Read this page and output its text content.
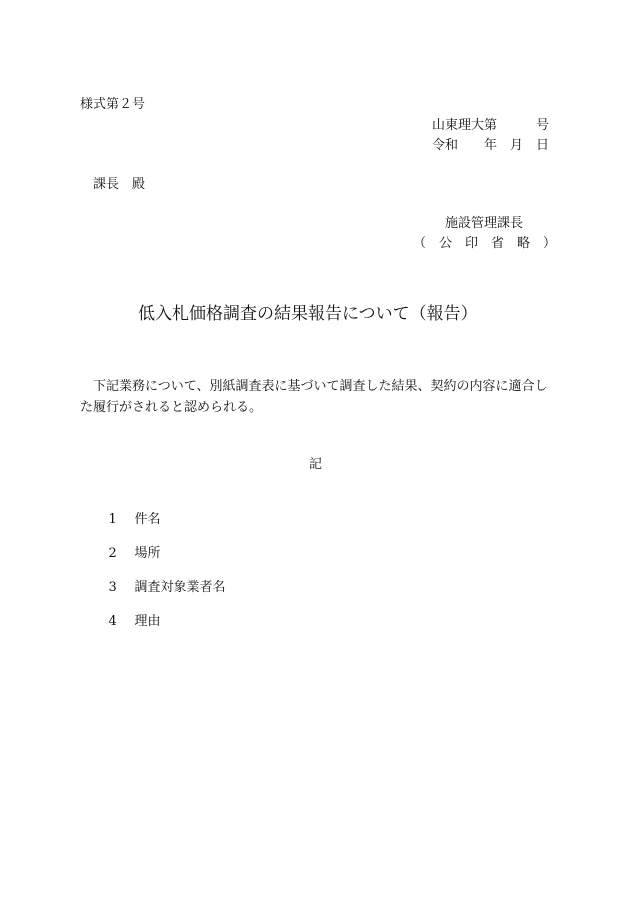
様式第２号
山東理大第　　　号
令和　　年　月　日
課長　殿
施設管理課長
（　公　印　省　略　）
低入札価格調査の結果報告について（報告）
下記業務について、別紙調査表に基づいて調査した結果、契約の内容に適合した履行がされると認められる。
記

1 件名

2 場所

3 調査対象業者名

4 理由
